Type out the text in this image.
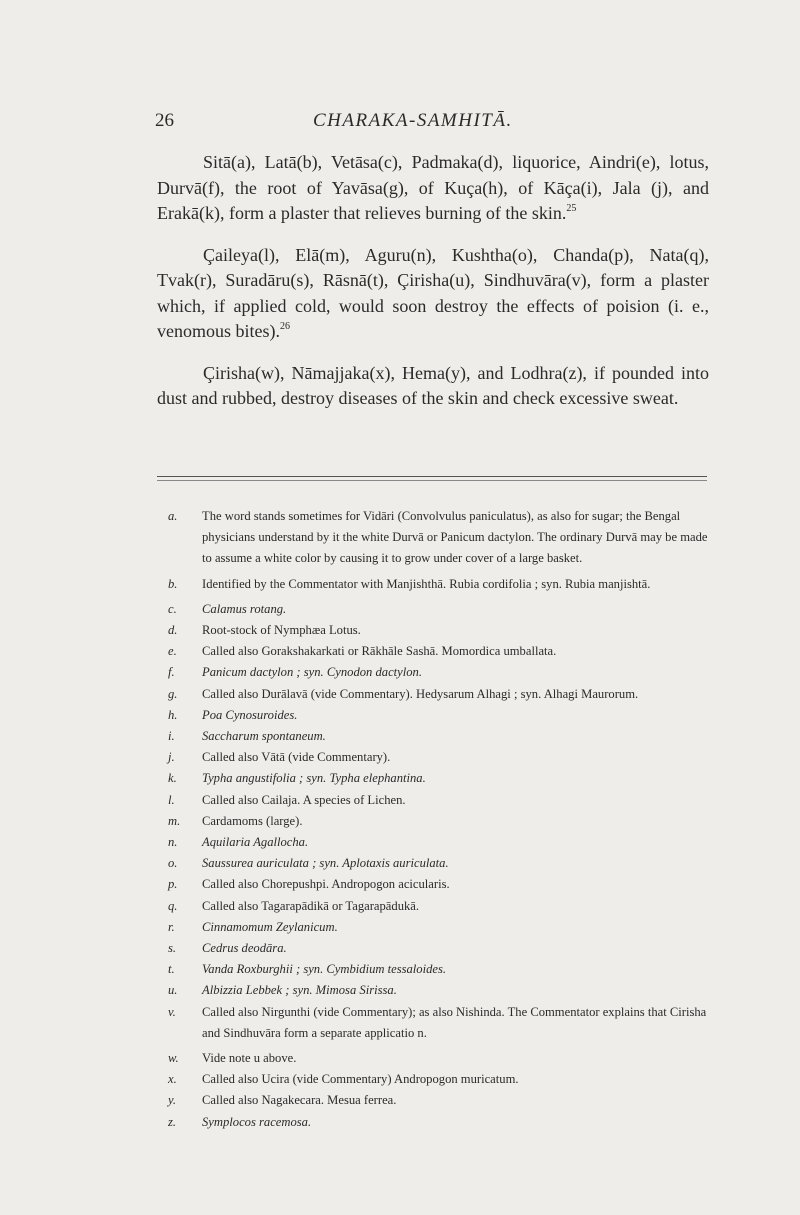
26	CHARAKA-SAMHITĀ.

Sitā(a), Latā(b), Vetāsa(c), Padmaka(d), liquorice, Aindri(e), lotus, Durvā(f), the root of Yavāsa(g), of Kuça(h), of Kāça(i), Jala (j), and Erakā(k), form a plaster that relieves burning of the skin.$^{25}$

Çaileya(l), Elā(m), Aguru(n), Kushtha(o), Chanda(p), Nata(q), Tvak(r), Suradāru(s), Rāsnā(t), Çirisha(u), Sindhuvāra(v), form a plaster which, if applied cold, would soon destroy the effects of poision (i. e., venomous bites).$^{26}$

Çirisha(w), Nāmajjaka(x), Hema(y), and Lodhra(z), if pounded into dust and rubbed, destroy diseases of the skin and check excessive sweat.

a.	The word stands sometimes for Vidāri (Convolvulus paniculatus), as also for sugar; the Bengal physicians understand by it the white Durvā or Panicum dactylon. The ordinary Durvā may be made to assume a white color by causing it to grow under cover of a large basket.
b.	Identified by the Commentator with Manjishthā. Rubia cordifolia ; syn. Rubia manjishtā.
c.	Calamus rotang.
d.	Root-stock of Nymphæa Lotus.
e.	Called also Gorakshakarkati or Rākhāle Sashā. Momordica umballata.
f.	Panicum dactylon ; syn. Cynodon dactylon.
g.	Called also Durālavā (vide Commentary). Hedysarum Alhagi ; syn. Alhagi Maurorum.
h.	Poa Cynosuroides.
i.	Saccharum spontaneum.
j.	Called also Vātā (vide Commentary).
k.	Typha angustifolia ; syn. Typha elephantina.
l.	Called also Cailaja. A species of Lichen.
m.	Cardamoms (large).
n.	Aquilaria Agallocha.
o.	Saussurea auriculata ; syn. Aplotaxis auriculata.
p.	Called also Chorepushpi. Andropogon acicularis.
q.	Called also Tagarapādikā or Tagarapādukā.
r.	Cinnamomum Zeylanicum.
s.	Cedrus deodāra.
t.	Vanda Roxburghii ; syn. Cymbidium tessaloides.
u.	Albizzia Lebbek ; syn. Mimosa Sirissa.
v.	Called also Nirgunthi (vide Commentary); as also Nishinda. The Commentator explains that Cirisha and Sindhuvāra form a separate applicatio n.
w.	Vide note u above.
x.	Called also Ucira (vide Commentary) Andropogon muricatum.
y.	Called also Nagakecara. Mesua ferrea.
z.	Symplocos racemosa.
